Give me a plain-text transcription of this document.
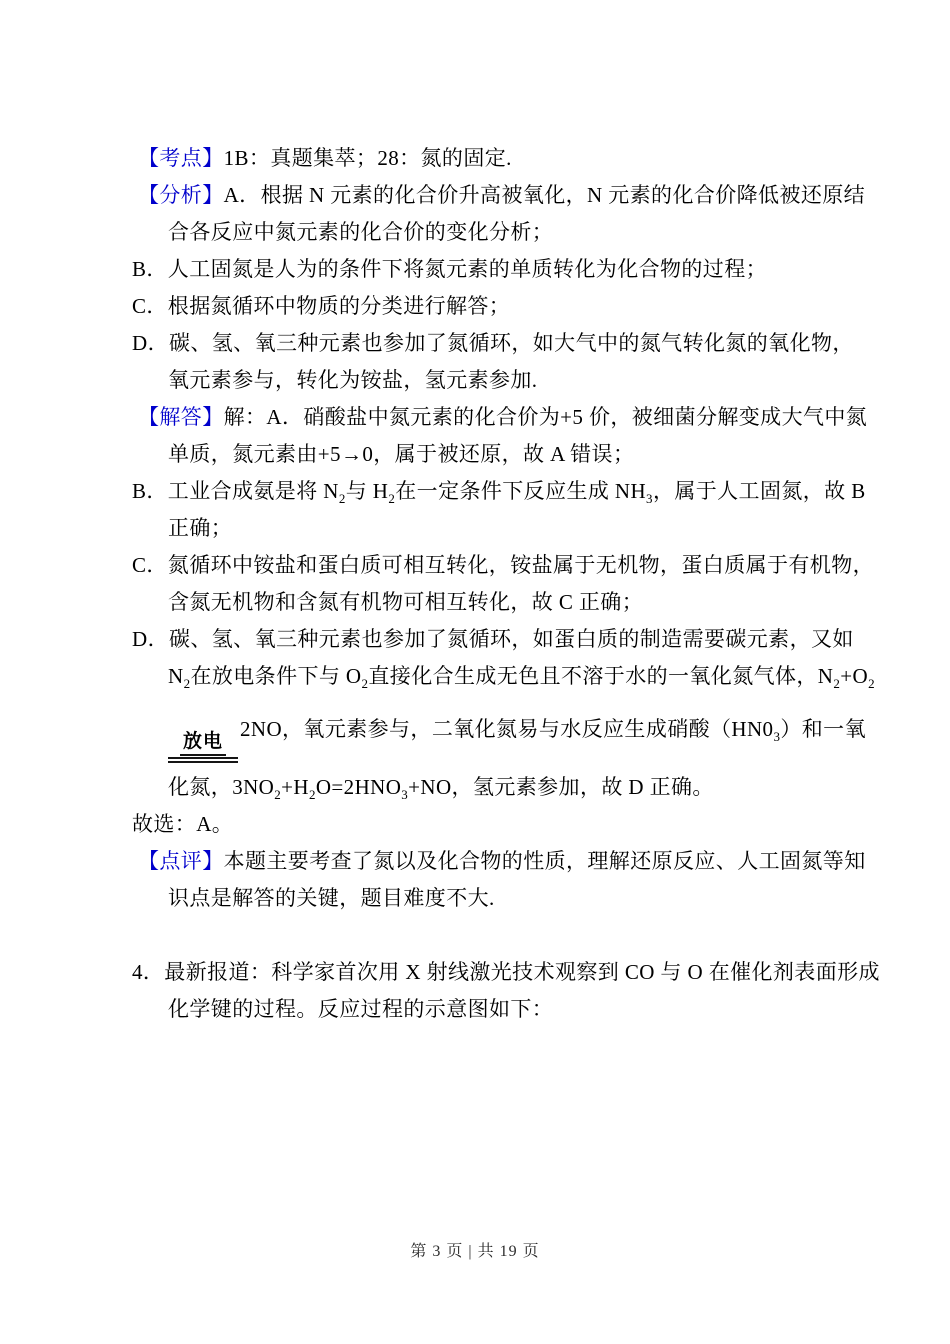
【考点】1B：真题集萃；28：氮的固定.
【分析】A．根据 N 元素的化合价升高被氧化，N 元素的化合价降低被还原结
合各反应中氮元素的化合价的变化分析；
B．人工固氮是人为的条件下将氮元素的单质转化为化合物的过程；
C．根据氮循环中物质的分类进行解答；
D．碳、氢、氧三种元素也参加了氮循环，如大气中的氮气转化氮的氧化物，
氧元素参与，转化为铵盐，氢元素参加.
【解答】解：A．硝酸盐中氮元素的化合价为+5 价，被细菌分解变成大气中氮
单质，氮元素由+5→0，属于被还原，故 A 错误；
B．工业合成氨是将 $N_2$与 $H_2$在一定条件下反应生成 $NH_3$，属于人工固氮，故 B
正确；
C．氮循环中铵盐和蛋白质可相互转化，铵盐属于无机物，蛋白质属于有机物，
含氮无机物和含氮有机物可相互转化，故 C 正确；
D．碳、氢、氧三种元素也参加了氮循环，如蛋白质的制造需要碳元素，又如
$N_2$在放电条件下与 $O_2$直接化合生成无色且不溶于水的一氧化氮气体，$N_2+O_2$
放电
2NO，氧元素参与，二氧化氮易与水反应生成硝酸$(HN0_3)$和一氧
化氮，$3NO_2+H_2O=2HNO_3+NO$，氢元素参加，故 D 正确。
故选：A。
【点评】本题主要考查了氮以及化合物的性质，理解还原反应、人工固氮等知
识点是解答的关键，题目难度不大.
4．最新报道：科学家首次用 X 射线激光技术观察到 CO 与 O 在催化剂表面形成
化学键的过程。反应过程的示意图如下：
第 3 页 | 共 19 页
